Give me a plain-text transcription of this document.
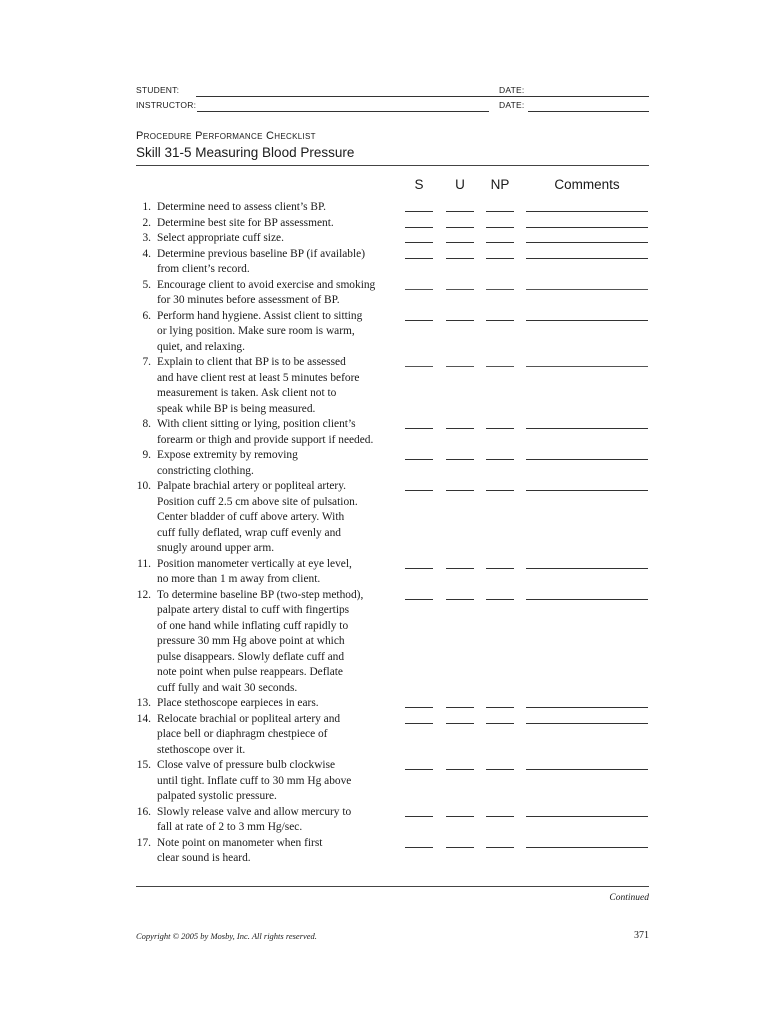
STUDENT:	DATE:
INSTRUCTOR:	DATE:
Procedure Performance Checklist
Skill 31-5 Measuring Blood Pressure
S	U	NP	Comments
1. Determine need to assess client’s BP.
2. Determine best site for BP assessment.
3. Select appropriate cuff size.
4. Determine previous baseline BP (if available)
from client’s record.
5. Encourage client to avoid exercise and smoking
for 30 minutes before assessment of BP.
6. Perform hand hygiene. Assist client to sitting
or lying position. Make sure room is warm,
quiet, and relaxing.
7. Explain to client that BP is to be assessed
and have client rest at least 5 minutes before
measurement is taken. Ask client not to
speak while BP is being measured.
8. With client sitting or lying, position client’s
forearm or thigh and provide support if needed.
9. Expose extremity by removing
constricting clothing.
10. Palpate brachial artery or popliteal artery.
Position cuff 2.5 cm above site of pulsation.
Center bladder of cuff above artery. With
cuff fully deflated, wrap cuff evenly and
snugly around upper arm.
11. Position manometer vertically at eye level,
no more than 1 m away from client.
12. To determine baseline BP (two-step method),
palpate artery distal to cuff with fingertips
of one hand while inflating cuff rapidly to
pressure 30 mm Hg above point at which
pulse disappears. Slowly deflate cuff and
note point when pulse reappears. Deflate
cuff fully and wait 30 seconds.
13. Place stethoscope earpieces in ears.
14. Relocate brachial or popliteal artery and
place bell or diaphragm chestpiece of
stethoscope over it.
15. Close valve of pressure bulb clockwise
until tight. Inflate cuff to 30 mm Hg above
palpated systolic pressure.
16. Slowly release valve and allow mercury to
fall at rate of 2 to 3 mm Hg/sec.
17. Note point on manometer when first
clear sound is heard.
Continued
Copyright © 2005 by Mosby, Inc. All rights reserved.	371
